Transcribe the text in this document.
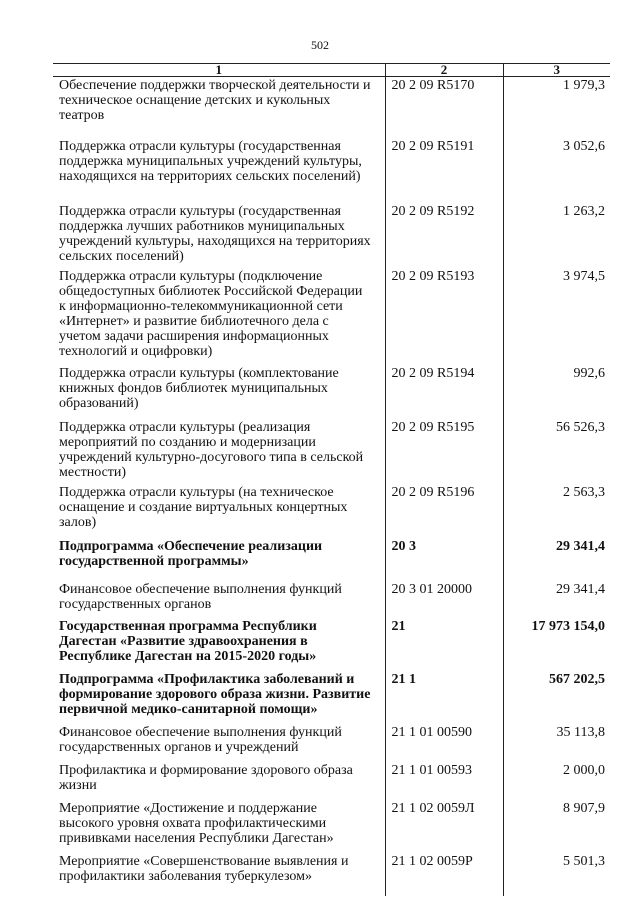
502
1	2	3
Обеспечение поддержки творческой деятельности и техническое оснащение детских и кукольных театров	20 2 09 R5170	1 979,3
Поддержка отрасли культуры (государственная поддержка муниципальных учреждений культуры, находящихся на территориях сельских поселений)	20 2 09 R5191	3 052,6
Поддержка отрасли культуры (государственная поддержка лучших работников муниципальных учреждений культуры, находящихся на территориях сельских поселений)	20 2 09 R5192	1 263,2
Поддержка отрасли культуры (подключение общедоступных библиотек Российской Федерации к информационно-телекоммуникационной сети «Интернет» и развитие библиотечного дела с учетом задачи расширения информационных технологий и оцифровки)	20 2 09 R5193	3 974,5
Поддержка отрасли культуры (комплектование книжных фондов библиотек муниципальных образований)	20 2 09 R5194	992,6
Поддержка отрасли культуры (реализация мероприятий по созданию и модернизации учреждений культурно-досугового типа в сельской местности)	20 2 09 R5195	56 526,3
Поддержка отрасли культуры (на техническое оснащение и создание виртуальных концертных залов)	20 2 09 R5196	2 563,3
Подпрограмма «Обеспечение реализации государственной программы»	20 3	29 341,4
Финансовое обеспечение выполнения функций государственных органов	20 3 01 20000	29 341,4
Государственная программа Республики Дагестан «Развитие здравоохранения в Республике Дагестан на 2015-2020 годы»	21	17 973 154,0
Подпрограмма «Профилактика заболеваний и формирование здорового образа жизни. Развитие первичной медико-санитарной помощи»	21 1	567 202,5
Финансовое обеспечение выполнения функций государственных органов и учреждений	21 1 01 00590	35 113,8
Профилактика и формирование здорового образа жизни	21 1 01 00593	2 000,0
Мероприятие «Достижение и поддержание высокого уровня охвата профилактическими прививками населения Республики Дагестан»	21 1 02 0059Л	8 907,9
Мероприятие «Совершенствование выявления и профилактики заболевания туберкулезом»	21 1 02 0059Р	5 501,3
